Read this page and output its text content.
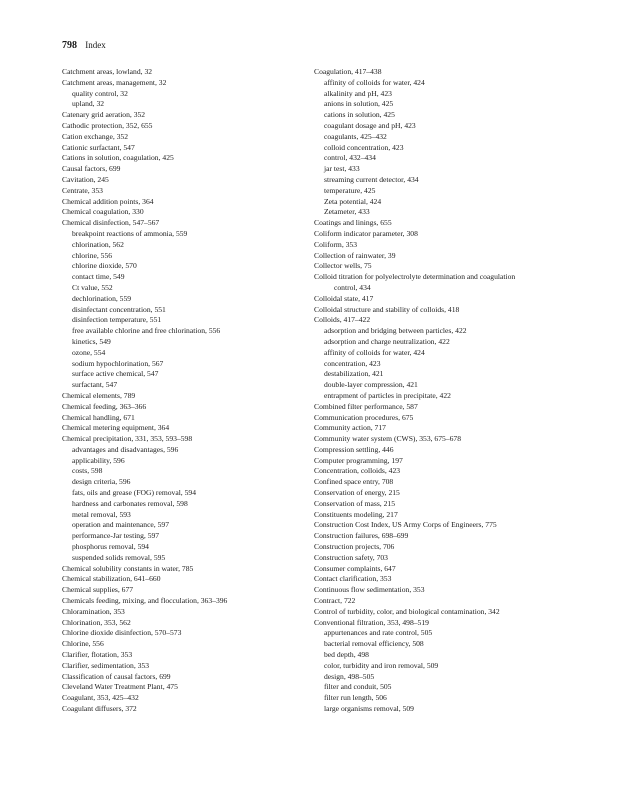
798 Index
Catchment areas, lowland, 32
Catchment areas, management, 32
quality control, 32
upland, 32
Catenary grid aeration, 352
Cathodic protection, 352, 655
Cation exchange, 352
Cationic surfactant, 547
Cations in solution, coagulation, 425
Causal factors, 699
Cavitation, 245
Centrate, 353
Chemical addition points, 364
Chemical coagulation, 330
Chemical disinfection, 547–567
breakpoint reactions of ammonia, 559
chlorination, 562
chlorine, 556
chlorine dioxide, 570
contact time, 549
Ct value, 552
dechlorination, 559
disinfectant concentration, 551
disinfection temperature, 551
free available chlorine and free chlorination, 556
kinetics, 549
ozone, 554
sodium hypochlorination, 567
surface active chemical, 547
surfactant, 547
Chemical elements, 789
Chemical feeding, 363–366
Chemical handling, 671
Chemical metering equipment, 364
Chemical precipitation, 331, 353, 593–598
advantages and disadvantages, 596
applicability, 596
costs, 598
design criteria, 596
fats, oils and grease (FOG) removal, 594
hardness and carbonates removal, 598
metal removal, 593
operation and maintenance, 597
performance-Jar testing, 597
phosphorus removal, 594
suspended solids removal, 595
Chemical solubility constants in water, 785
Chemical stabilization, 641–660
Chemical supplies, 677
Chemicals feeding, mixing, and flocculation, 363–396
Chloramination, 353
Chlorination, 353, 562
Chlorine dioxide disinfection, 570–573
Chlorine, 556
Clarifier, flotation, 353
Clarifier, sedimentation, 353
Classification of causal factors, 699
Cleveland Water Treatment Plant, 475
Coagulant, 353, 425–432
Coagulant diffusers, 372
Coagulation, 417–438
affinity of colloids for water, 424
alkalinity and pH, 423
anions in solution, 425
cations in solution, 425
coagulant dosage and pH, 423
coagulants, 425–432
colloid concentration, 423
control, 432–434
jar test, 433
streaming current detector, 434
temperature, 425
Zeta potential, 424
Zetameter, 433
Coatings and linings, 655
Coliform indicator parameter, 308
Coliform, 353
Collection of rainwater, 39
Collector wells, 75
Colloid titration for polyelectrolyte determination and coagulation
control, 434
Colloidal state, 417
Colloidal structure and stability of colloids, 418
Colloids, 417–422
adsorption and bridging between particles, 422
adsorption and charge neutralization, 422
affinity of colloids for water, 424
concentration, 423
destabilization, 421
double-layer compression, 421
entrapment of particles in precipitate, 422
Combined filter performance, 587
Communication procedures, 675
Community action, 717
Community water system (CWS), 353, 675–678
Compression settling, 446
Computer programming, 197
Concentration, colloids, 423
Confined space entry, 708
Conservation of energy, 215
Conservation of mass, 215
Constituents modeling, 217
Construction Cost Index, US Army Corps of Engineers, 775
Construction failures, 698–699
Construction projects, 706
Construction safety, 703
Consumer complaints, 647
Contact clarification, 353
Continuous flow sedimentation, 353
Contract, 722
Control of turbidity, color, and biological contamination, 342
Conventional filtration, 353, 498–519
appurtenances and rate control, 505
bacterial removal efficiency, 508
bed depth, 498
color, turbidity and iron removal, 509
design, 498–505
filter and conduit, 505
filter run length, 506
large organisms removal, 509
